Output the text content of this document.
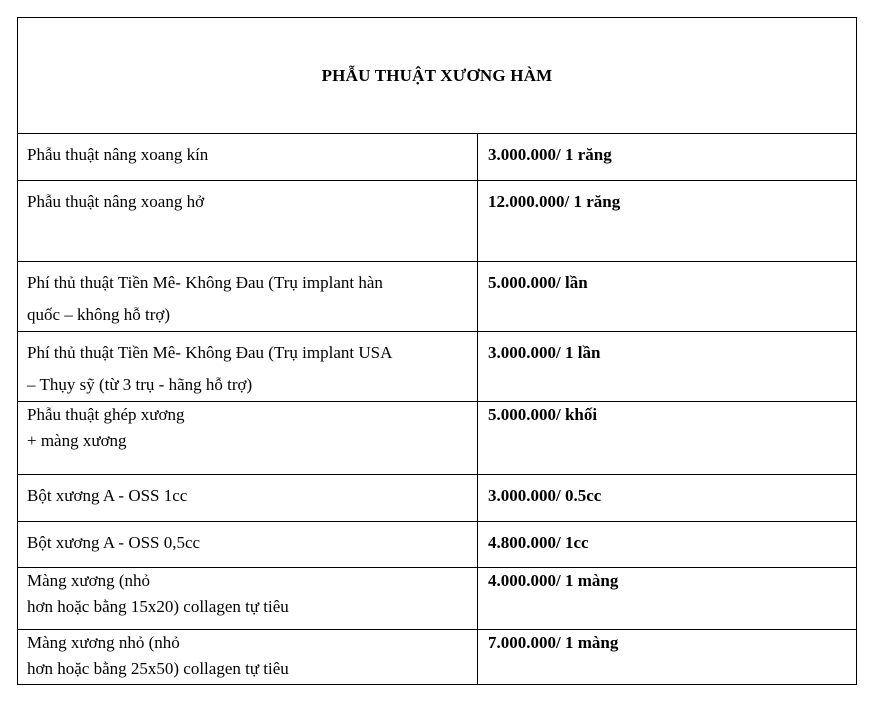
PHẪU THUẬT XƯƠNG HÀM	

Phẫu thuật nâng xoang kín	3.000.000/ 1 răng

Phẫu thuật nâng xoang hở	12.000.000/ 1 răng

Phí thủ thuật Tiền Mê- Không Đau (Trụ implant hàn
quốc – không hỗ trợ)	5.000.000/ lần

Phí thủ thuật Tiền Mê- Không Đau (Trụ implant USA
– Thụy sỹ (từ 3 trụ - hãng hỗ trợ)	3.000.000/ 1 lần

Phẫu thuật ghép xương
+ màng xương	5.000.000/ khối

Bột xương A - OSS 1cc	3.000.000/ 0.5cc

Bột xương A - OSS 0,5cc	4.800.000/ 1cc

Màng xương (nhỏ
hơn hoặc bằng 15x20) collagen tự tiêu	4.000.000/ 1 màng

Màng xương nhỏ (nhỏ
hơn hoặc bằng 25x50) collagen tự tiêu	7.000.000/ 1 màng
